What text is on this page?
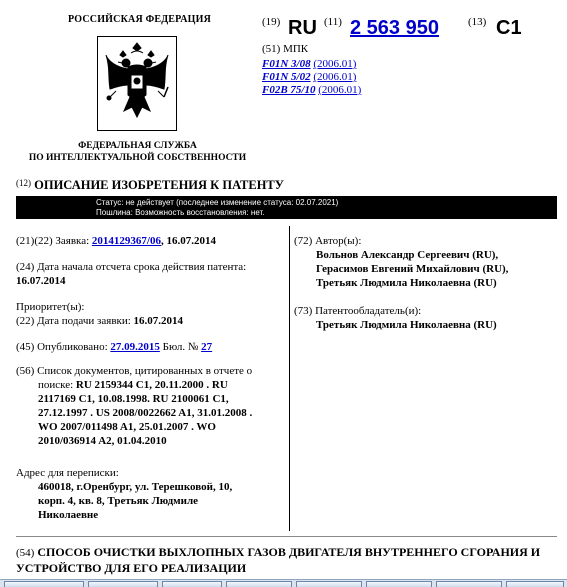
РОССИЙСКАЯ ФЕДЕРАЦИЯ
ФЕДЕРАЛЬНАЯ СЛУЖБА
ПО ИНТЕЛЛЕКТУАЛЬНОЙ СОБСТВЕННОСТИ
(19) RU (11) 2 563 950	(13) C1
(51) МПК
F01N 3/08 (2006.01)
F01N 5/02 (2006.01)
F02B 75/10 (2006.01)
$^{(12)}$ ОПИСАНИЕ ИЗОБРЕТЕНИЯ К ПАТЕНТУ
Статус: не действует (последнее изменение статуса: 02.07.2021)
Пошлина: Возможность восстановления: нет.
(21)(22) Заявка: 2014129367/06, 16.07.2014
(24) Дата начала отсчета срока действия патента:
16.07.2014
Приоритет(ы):
(22) Дата подачи заявки: 16.07.2014
(45) Опубликовано: 27.09.2015 Бюл. № 27
(56) Список документов, цитированных в отчете о
поиске: RU 2159344 C1, 20.11.2000 . RU
2117169 C1, 10.08.1998. RU 2100061 C1,
27.12.1997 . US 2008/0022662 A1, 31.01.2008 .
WO 2007/011498 A1, 25.01.2007 . WO
2010/036914 A2, 01.04.2010
Адрес для переписки:
460018, г.Оренбург, ул. Терешковой, 10,
корп. 4, кв. 8, Третьяк Людмиле
Николаевне
(72) Автор(ы):
Вольнов Александр Сергеевич (RU),
Герасимов Евгений Михайлович (RU),
Третьяк Людмила Николаевна (RU)
(73) Патентообладатель(и):
Третьяк Людмила Николаевна (RU)
(54) СПОСОБ ОЧИСТКИ ВЫХЛОПНЫХ ГАЗОВ ДВИГАТЕЛЯ ВНУТРЕННЕГО СГОРАНИЯ И
УСТРОЙСТВО ДЛЯ ЕГО РЕАЛИЗАЦИИ
